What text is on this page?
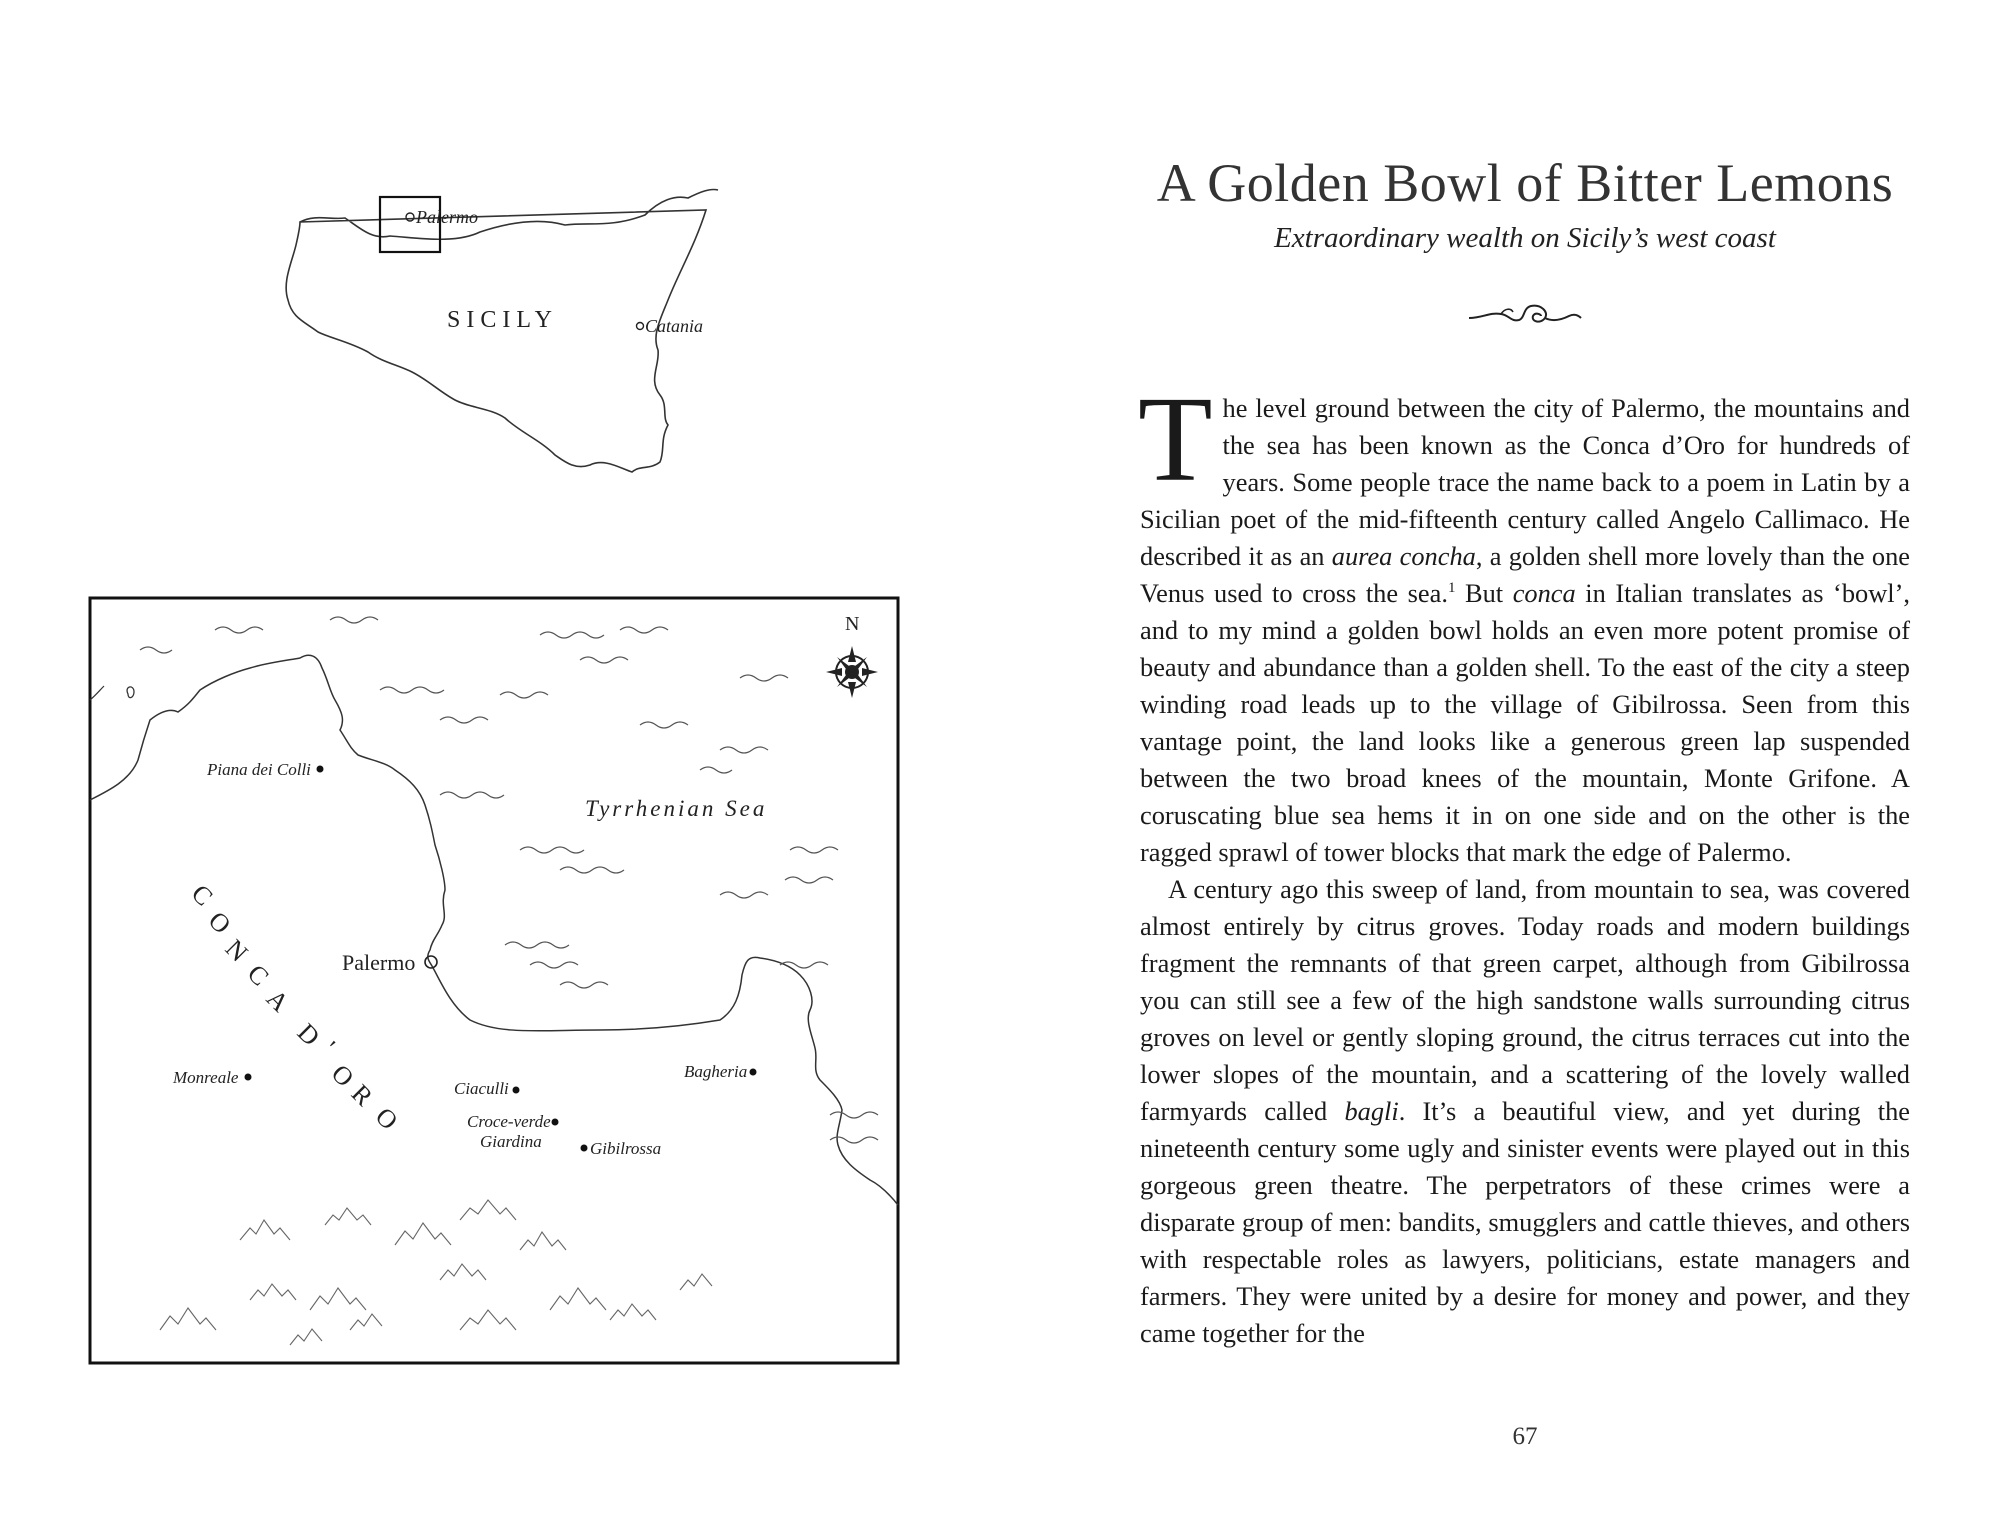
Palermo
SICILY	Catania
N
Tyrrhenian Sea
C
O
N
C
A
D
'
O
R
O
Piana dei Colli
Palermo
Monreale
Ciaculli
Croce-verde
Giardina	Gibilrossa
Bagheria
A Golden Bowl of Bitter Lemons
Extraordinary wealth on Sicily’s west coast

The level ground between the city of Palermo, the mountains and the sea has been known as the Conca d’Oro for hundreds of years. Some people trace the name back to a poem in Latin by a Sicilian poet of the mid-fifteenth century called Angelo Callimaco. He described it as an aurea concha, a golden shell more lovely than the one Venus used to cross the sea.$^1$ But conca in Italian translates as ‘bowl’, and to my mind a golden bowl holds an even more potent promise of beauty and abundance than a golden shell. To the east of the city a steep winding road leads up to the village of Gibilrossa. Seen from this vantage point, the land looks like a generous green lap suspended between the two broad knees of the mountain, Monte Grifone. A coruscating blue sea hems it in on one side and on the other is the ragged sprawl of tower blocks that mark the edge of Palermo.

A century ago this sweep of land, from mountain to sea, was covered almost entirely by citrus groves. Today roads and modern buildings fragment the remnants of that green carpet, although from Gibilrossa you can still see a few of the high sandstone walls surrounding citrus groves on level or gently sloping ground, the citrus terraces cut into the lower slopes of the mountain, and a scattering of the lovely walled farmyards called bagli. It’s a beautiful view, and yet during the nineteenth century some ugly and sinister events were played out in this gorgeous green theatre. The perpetrators of these crimes were a disparate group of men: bandits, smugglers and cattle thieves, and others with respectable roles as lawyers, politicians, estate managers and farmers. They were united by a desire for money and power, and they came together for the

67
